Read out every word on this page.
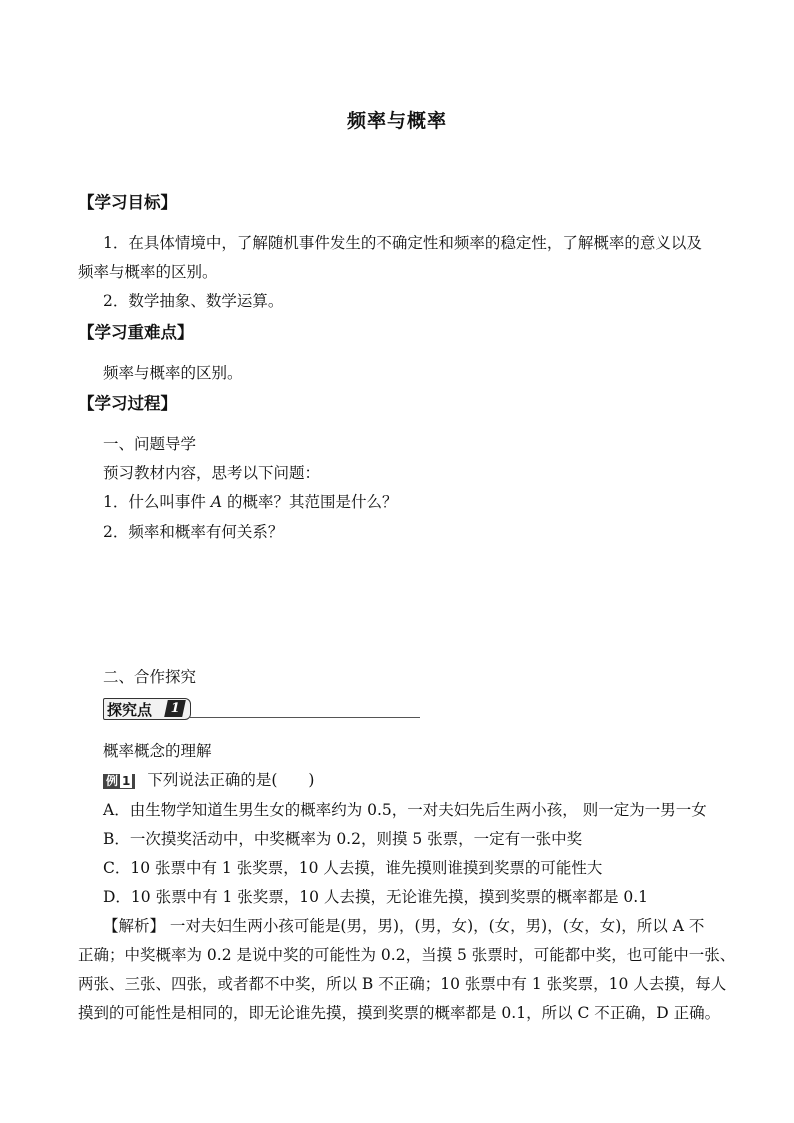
频率与概率
【学习目标】
1．在具体情境中，了解随机事件发生的不确定性和频率的稳定性，了解概率的意义以及
频率与概率的区别。
2．数学抽象、数学运算。
【学习重难点】
频率与概率的区别。
【学习过程】
一、问题导学
预习教材内容，思考以下问题：
1．什么叫事件 A 的概率？其范围是什么？
2．频率和概率有何关系？
二、合作探究
探究点	1
概率概念的理解
例 1 下列说法正确的是(　　)
A．由生物学知道生男生女的概率约为 0.5，一对夫妇先后生两小孩， 则一定为一男一女
B．一次摸奖活动中，中奖概率为 0.2，则摸 5 张票，一定有一张中奖
C．10 张票中有 1 张奖票，10 人去摸，谁先摸则谁摸到奖票的可能性大
D．10 张票中有 1 张奖票，10 人去摸，无论谁先摸，摸到奖票的概率都是 0.1
【解析】 一对夫妇生两小孩可能是(男，男)，(男，女)，(女，男)，(女，女)，所以 A 不
正确；中奖概率为 0.2 是说中奖的可能性为 0.2，当摸 5 张票时，可能都中奖，也可能中一张、
两张、三张、四张，或者都不中奖，所以 B 不正确；10 张票中有 1 张奖票，10 人去摸，每人
摸到的可能性是相同的，即无论谁先摸，摸到奖票的概率都是 0.1，所以 C 不正确，D 正确。
